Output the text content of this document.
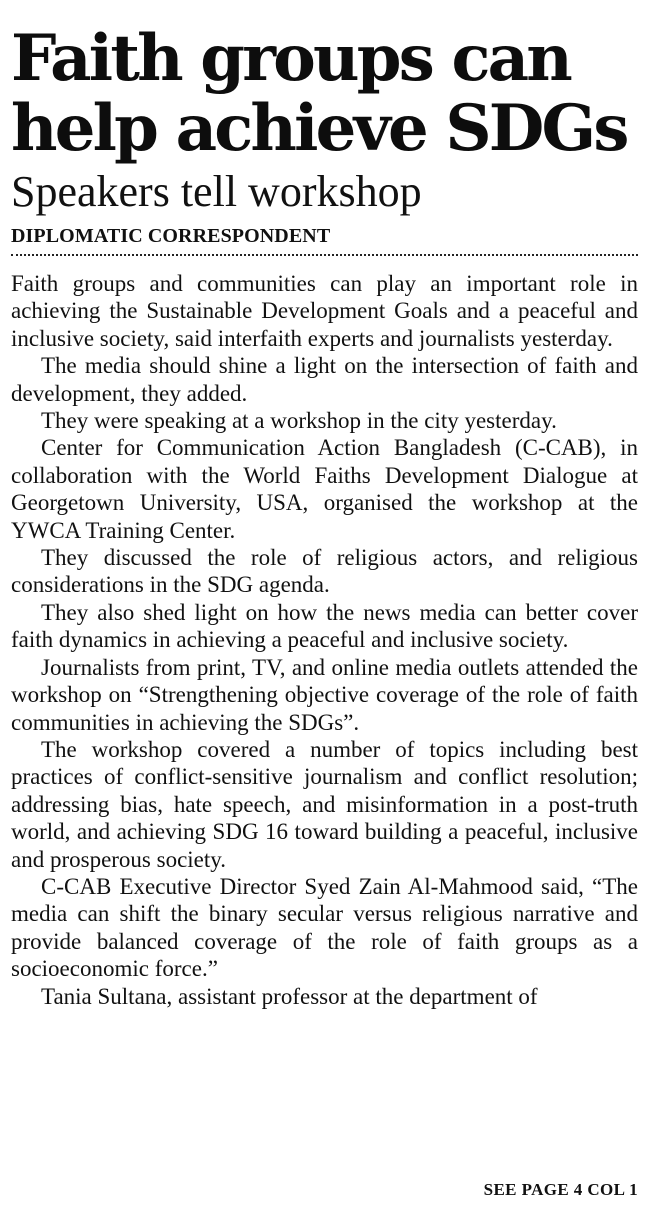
Faith groups can
help achieve SDGs
Speakers tell workshop
DIPLOMATIC CORRESPONDENT

Faith groups and communities can play an important role in achieving the Sustainable Development Goals and a peaceful and inclusive society, said interfaith experts and journalists yesterday.

The media should shine a light on the intersection of faith and development, they added.

They were speaking at a workshop in the city yesterday.

Center for Communication Action Bangladesh (C-CAB), in collaboration with the World Faiths Development Dialogue at Georgetown University, USA, organised the workshop at the YWCA Training Center.

They discussed the role of religious actors, and religious considerations in the SDG agenda.

They also shed light on how the news media can better cover faith dynamics in achieving a peaceful and inclusive society.

Journalists from print, TV, and online media outlets attended the workshop on “Strengthening objective coverage of the role of faith communities in achieving the SDGs”.

The workshop covered a number of topics including best practices of conflict-sensitive journalism and conflict resolution; addressing bias, hate speech, and misinformation in a post-truth world, and achieving SDG 16 toward building a peaceful, inclusive and prosperous society.

C-CAB Executive Director Syed Zain Al-Mahmood said, “The media can shift the binary secular versus religious narrative and provide balanced coverage of the role of faith groups as a socioeconomic force.”

Tania Sultana, assistant professor at the department of

SEE PAGE 4 COL 1
